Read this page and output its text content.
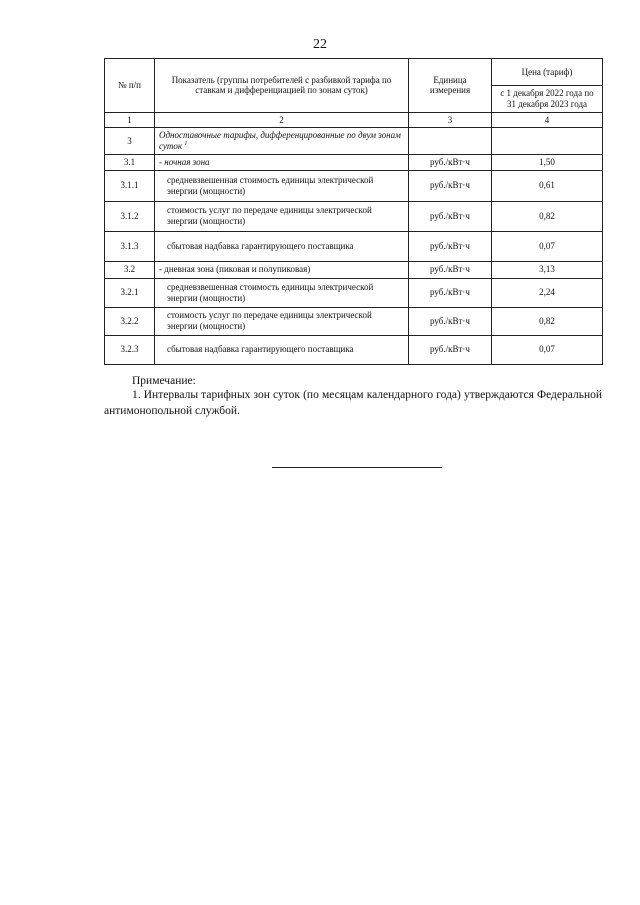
22
№ п/п	Показатель (группы потребителей с разбивкой тарифа по ставкам и дифференциацией по зонам суток)	Единица измерения	Цена (тариф)
			с 1 декабря 2022 года по 31 декабря 2023 года
1	2	3	4
3	Одноставочные тарифы, дифференцированные по двум зонам суток $^1$		
3.1	- ночная зона	руб./кВт·ч	1,50
3.1.1	средневзвешенная стоимость единицы электрической энергии (мощности)	руб./кВт·ч	0,61
3.1.2	стоимость услуг по передаче единицы электрической энергии (мощности)	руб./кВт·ч	0,82
3.1.3	сбытовая надбавка гарантирующего поставщика	руб./кВт·ч	0,07
3.2	- дневная зона (пиковая и полупиковая)	руб./кВт·ч	3,13
3.2.1	средневзвешенная стоимость единицы электрической энергии (мощности)	руб./кВт·ч	2,24
3.2.2	стоимость услуг по передаче единицы электрической энергии (мощности)	руб./кВт·ч	0,82
3.2.3	сбытовая надбавка гарантирующего поставщика	руб./кВт·ч	0,07
Примечание:
1. Интервалы тарифных зон суток (по месяцам календарного года) утверждаются Федеральной антимонопольной службой.
